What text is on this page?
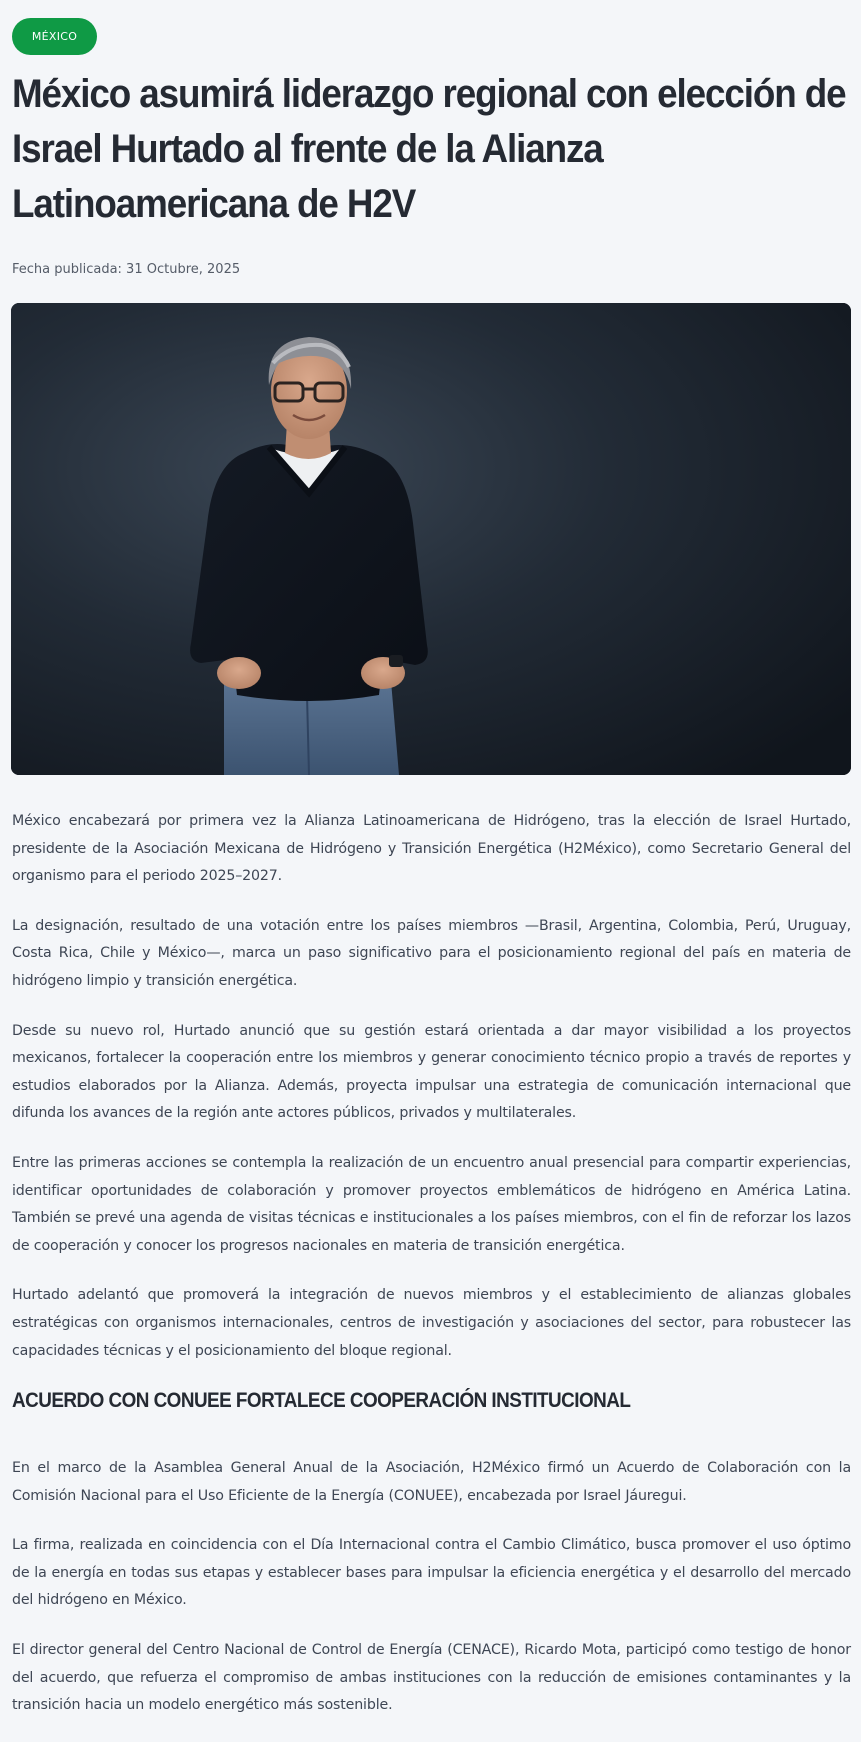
MÉXICO
México asumirá liderazgo regional con elección de Israel Hurtado al frente de la Alianza Latinoamericana de H2V
Fecha publicada: 31 Octubre, 2025

México encabezará por primera vez la Alianza Latinoamericana de Hidrógeno, tras la elección de Israel Hurtado, presidente de la Asociación Mexicana de Hidrógeno y Transición Energética (H2México), como Secretario General del organismo para el periodo 2025–2027.

La designación, resultado de una votación entre los países miembros —Brasil, Argentina, Colombia, Perú, Uruguay, Costa Rica, Chile y México—, marca un paso significativo para el posicionamiento regional del país en materia de hidrógeno limpio y transición energética.

Desde su nuevo rol, Hurtado anunció que su gestión estará orientada a dar mayor visibilidad a los proyectos mexicanos, fortalecer la cooperación entre los miembros y generar conocimiento técnico propio a través de reportes y estudios elaborados por la Alianza. Además, proyecta impulsar una estrategia de comunicación internacional que difunda los avances de la región ante actores públicos, privados y multilaterales.

Entre las primeras acciones se contempla la realización de un encuentro anual presencial para compartir experiencias, identificar oportunidades de colaboración y promover proyectos emblemáticos de hidrógeno en América Latina. También se prevé una agenda de visitas técnicas e institucionales a los países miembros, con el fin de reforzar los lazos de cooperación y conocer los progresos nacionales en materia de transición energética.

Hurtado adelantó que promoverá la integración de nuevos miembros y el establecimiento de alianzas globales estratégicas con organismos internacionales, centros de investigación y asociaciones del sector, para robustecer las capacidades técnicas y el posicionamiento del bloque regional.

ACUERDO CON CONUEE FORTALECE COOPERACIÓN INSTITUCIONAL

En el marco de la Asamblea General Anual de la Asociación, H2México firmó un Acuerdo de Colaboración con la Comisión Nacional para el Uso Eficiente de la Energía (CONUEE), encabezada por Israel Jáuregui.

La firma, realizada en coincidencia con el Día Internacional contra el Cambio Climático, busca promover el uso óptimo de la energía en todas sus etapas y establecer bases para impulsar la eficiencia energética y el desarrollo del mercado del hidrógeno en México.

El director general del Centro Nacional de Control de Energía (CENACE), Ricardo Mota, participó como testigo de honor del acuerdo, que refuerza el compromiso de ambas instituciones con la reducción de emisiones contaminantes y la transición hacia un modelo energético más sostenible.
